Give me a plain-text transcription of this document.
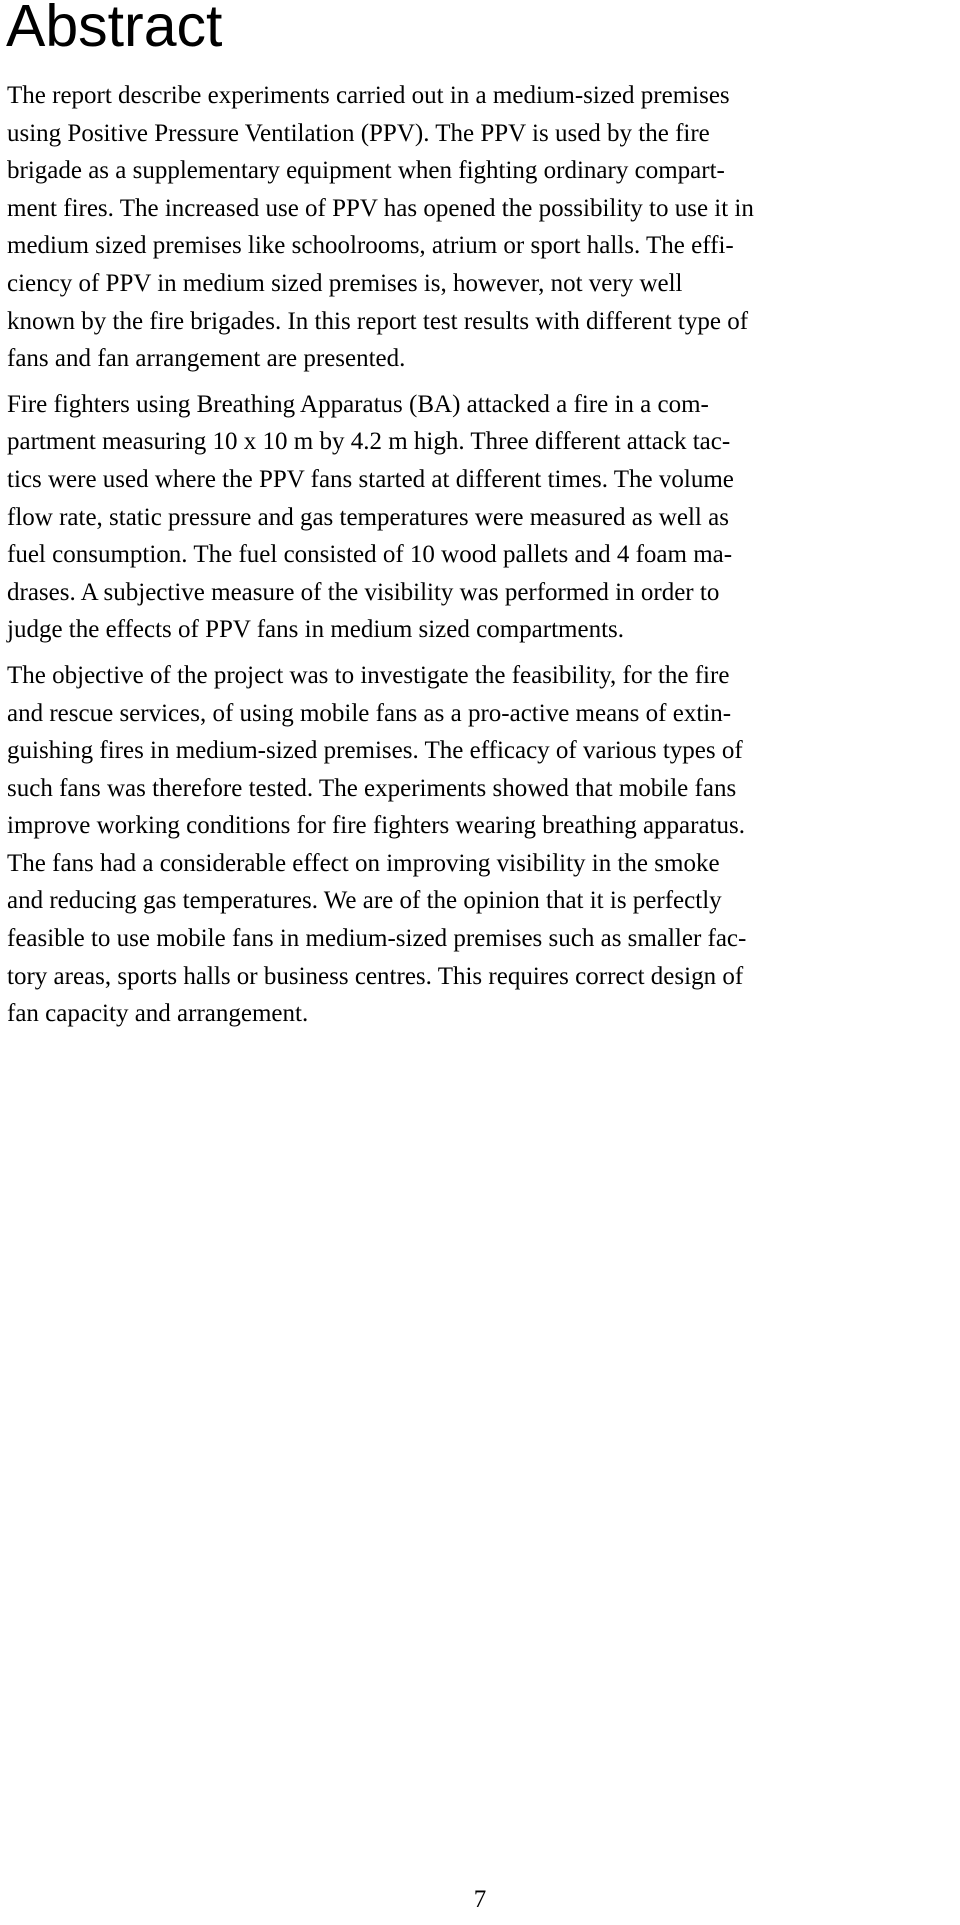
Abstract

The report describe experiments carried out in a medium-sized premises
using Positive Pressure Ventilation (PPV). The PPV is used by the fire
brigade as a supplementary equipment when fighting ordinary compart-
ment fires. The increased use of PPV has opened the possibility to use it in
medium sized premises like schoolrooms, atrium or sport halls. The effi-
ciency of PPV in medium sized premises is, however, not very well
known by the fire brigades. In this report test results with different type of
fans and fan arrangement are presented.

Fire fighters using Breathing Apparatus (BA) attacked a fire in a com-
partment measuring 10 x 10 m by 4.2 m high. Three different attack tac-
tics were used where the PPV fans started at different times. The volume
flow rate, static pressure and gas temperatures were measured as well as
fuel consumption. The fuel consisted of 10 wood pallets and 4 foam ma-
drases. A subjective measure of the visibility was performed in order to
judge the effects of PPV fans in medium sized compartments.

The objective of the project was to investigate the feasibility, for the fire
and rescue services, of using mobile fans as a pro-active means of extin-
guishing fires in medium-sized premises. The efficacy of various types of
such fans was therefore tested. The experiments showed that mobile fans
improve working conditions for fire fighters wearing breathing apparatus.
The fans had a considerable effect on improving visibility in the smoke
and reducing gas temperatures. We are of the opinion that it is perfectly
feasible to use mobile fans in medium-sized premises such as smaller fac-
tory areas, sports halls or business centres. This requires correct design of
fan capacity and arrangement.

7
